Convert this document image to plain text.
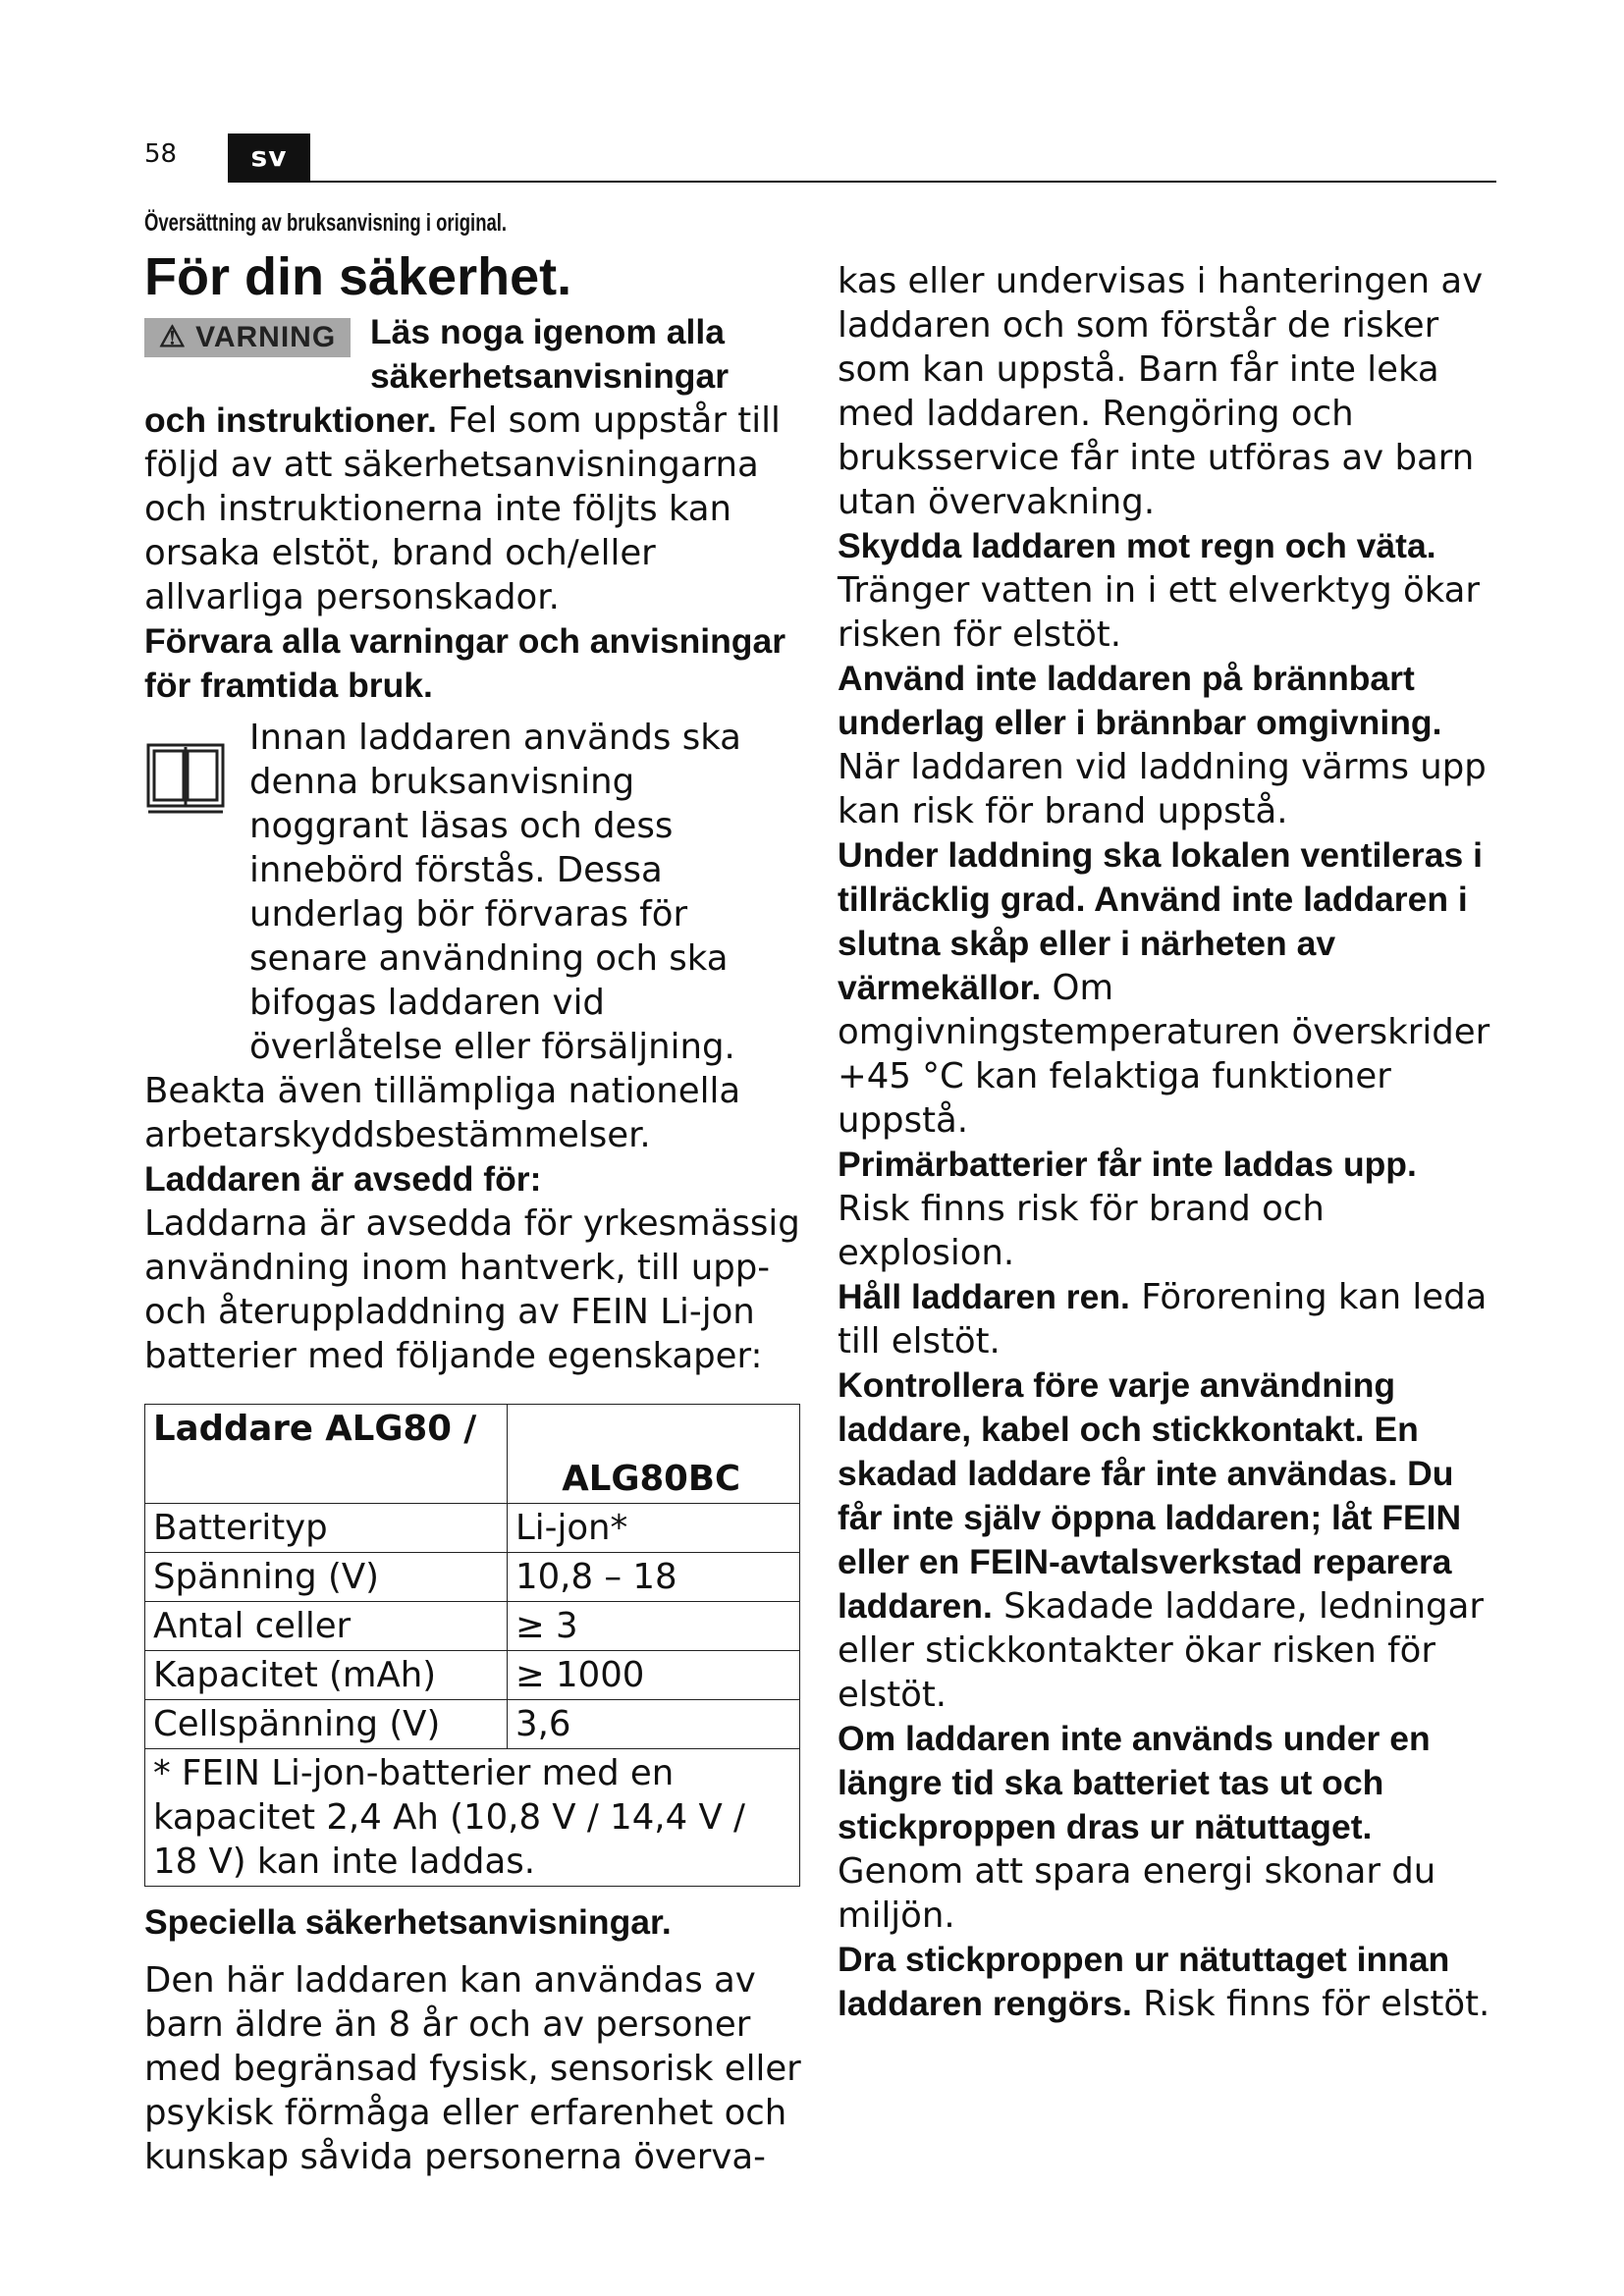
58	sv
Översättning av bruksanvisning i original.
För din säkerhet.
⚠ VARNING Läs noga igenom alla

säkerhetsanvisningar

och instruktioner. Fel som uppstår till följd av att säkerhetsanvisningarna och instruktionerna inte följts kan orsaka elstöt, brand och/eller allvarliga personskador.

Förvara alla varningar och anvisningar för framtida bruk.

Innan laddaren används ska denna bruksanvisning noggrant läsas och dess innebörd förstås. Dessa underlag bör förvaras för senare användning och ska bifogas laddaren vid överlåtelse eller försäljning.

Beakta även tillämpliga nationella arbetarskyddsbestämmelser.

Laddaren är avsedd för:

Laddarna är avsedda för yrkesmässig användning inom hantverk, till upp- och återuppladdning av FEIN Li-jon batterier med följande egenskaper:

Laddare ALG80 /	ALG80BC
Batterityp	Li-jon*
Spänning (V)	10,8 – 18
Antal celler	≥ 3
Kapacitet (mAh)	≥ 1000
Cellspänning (V)	3,6
* FEIN Li-jon-batterier med en kapacitet 2,4 Ah (10,8 V / 14,4 V / 18 V) kan inte laddas.	

Speciella säkerhetsanvisningar.

Den här laddaren kan användas av barn äldre än 8 år och av personer med begränsad fysisk, sensorisk eller psykisk förmåga eller erfarenhet och kunskap såvida personerna överva-

kas eller undervisas i hanteringen av laddaren och som förstår de risker som kan uppstå. Barn får inte leka med laddaren. Rengöring och bruksservice får inte utföras av barn utan övervakning.

Skydda laddaren mot regn och väta.

Tränger vatten in i ett elverktyg ökar risken för elstöt.

Använd inte laddaren på brännbart underlag eller i brännbar omgivning.

När laddaren vid laddning värms upp kan risk för brand uppstå.

Under laddning ska lokalen ventileras i tillräcklig grad. Använd inte laddaren i slutna skåp eller i närheten av värmekällor. Om omgivningstemperaturen överskrider +45 °C kan felaktiga funktioner uppstå.

Primärbatterier får inte laddas upp.

Risk finns risk för brand och explosion.

Håll laddaren ren. Förorening kan leda till elstöt.

Kontrollera före varje användning laddare, kabel och stickkontakt. En skadad laddare får inte användas. Du får inte själv öppna laddaren; låt FEIN eller en FEIN-avtalsverkstad reparera laddaren. Skadade laddare, ledningar eller stickkontakter ökar risken för elstöt.

Om laddaren inte används under en längre tid ska batteriet tas ut och stickproppen dras ur nätuttaget.

Genom att spara energi skonar du miljön.

Dra stickproppen ur nätuttaget innan laddaren rengörs. Risk finns för elstöt.
